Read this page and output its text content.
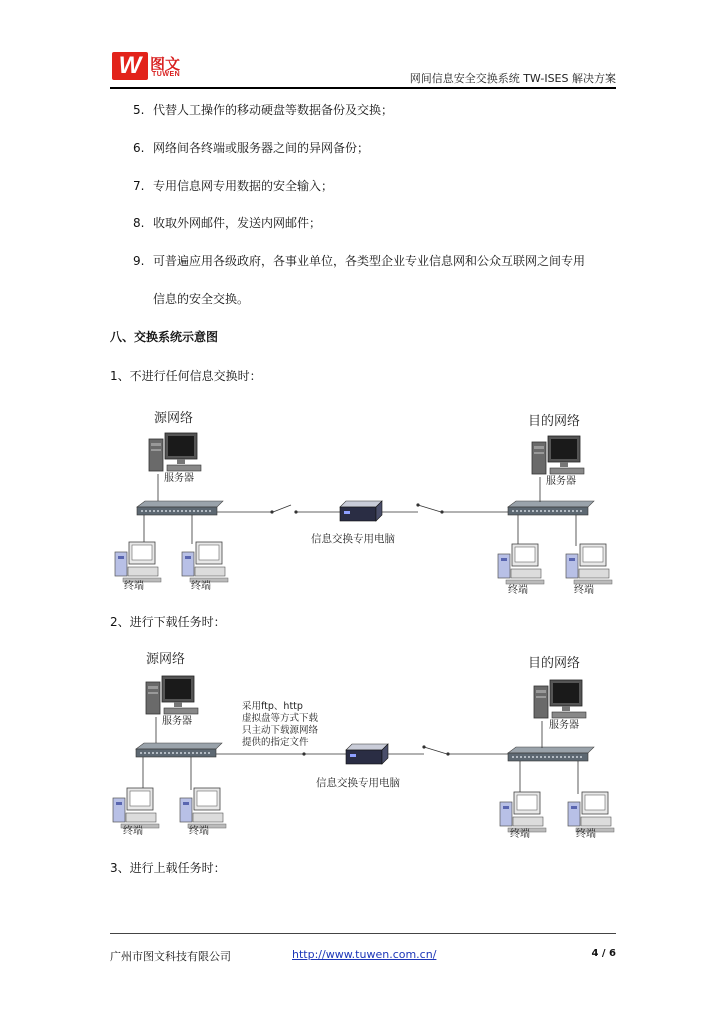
W 图文
TUWEN	网间信息安全交换系统 TW-ISES 解决方案
5. 代替人工操作的移动硬盘等数据备份及交换；
6. 网络间各终端或服务器之间的异网备份；
7. 专用信息网专用数据的安全输入；
8. 收取外网邮件，发送内网邮件；
9. 可普遍应用各级政府，各事业单位，各类型企业专业信息网和公众互联网之间专用
信息的安全交换。
八、交换系统示意图
1、不进行任何信息交换时：
源网络	目的网络
服务器
终端	终端
信息交换专用电脑
服务器
终端	终端
2、进行下载任务时：
源网络	目的网络
服务器
采用ftp、http 虚拟盘等方式下载 只主动下载源网络 提供的指定文件
终端	终端
信息交换专用电脑
服务器
终端	终端
3、进行上载任务时：
广州市图文科技有限公司	http://www.tuwen.com.cn/	4 / 6
